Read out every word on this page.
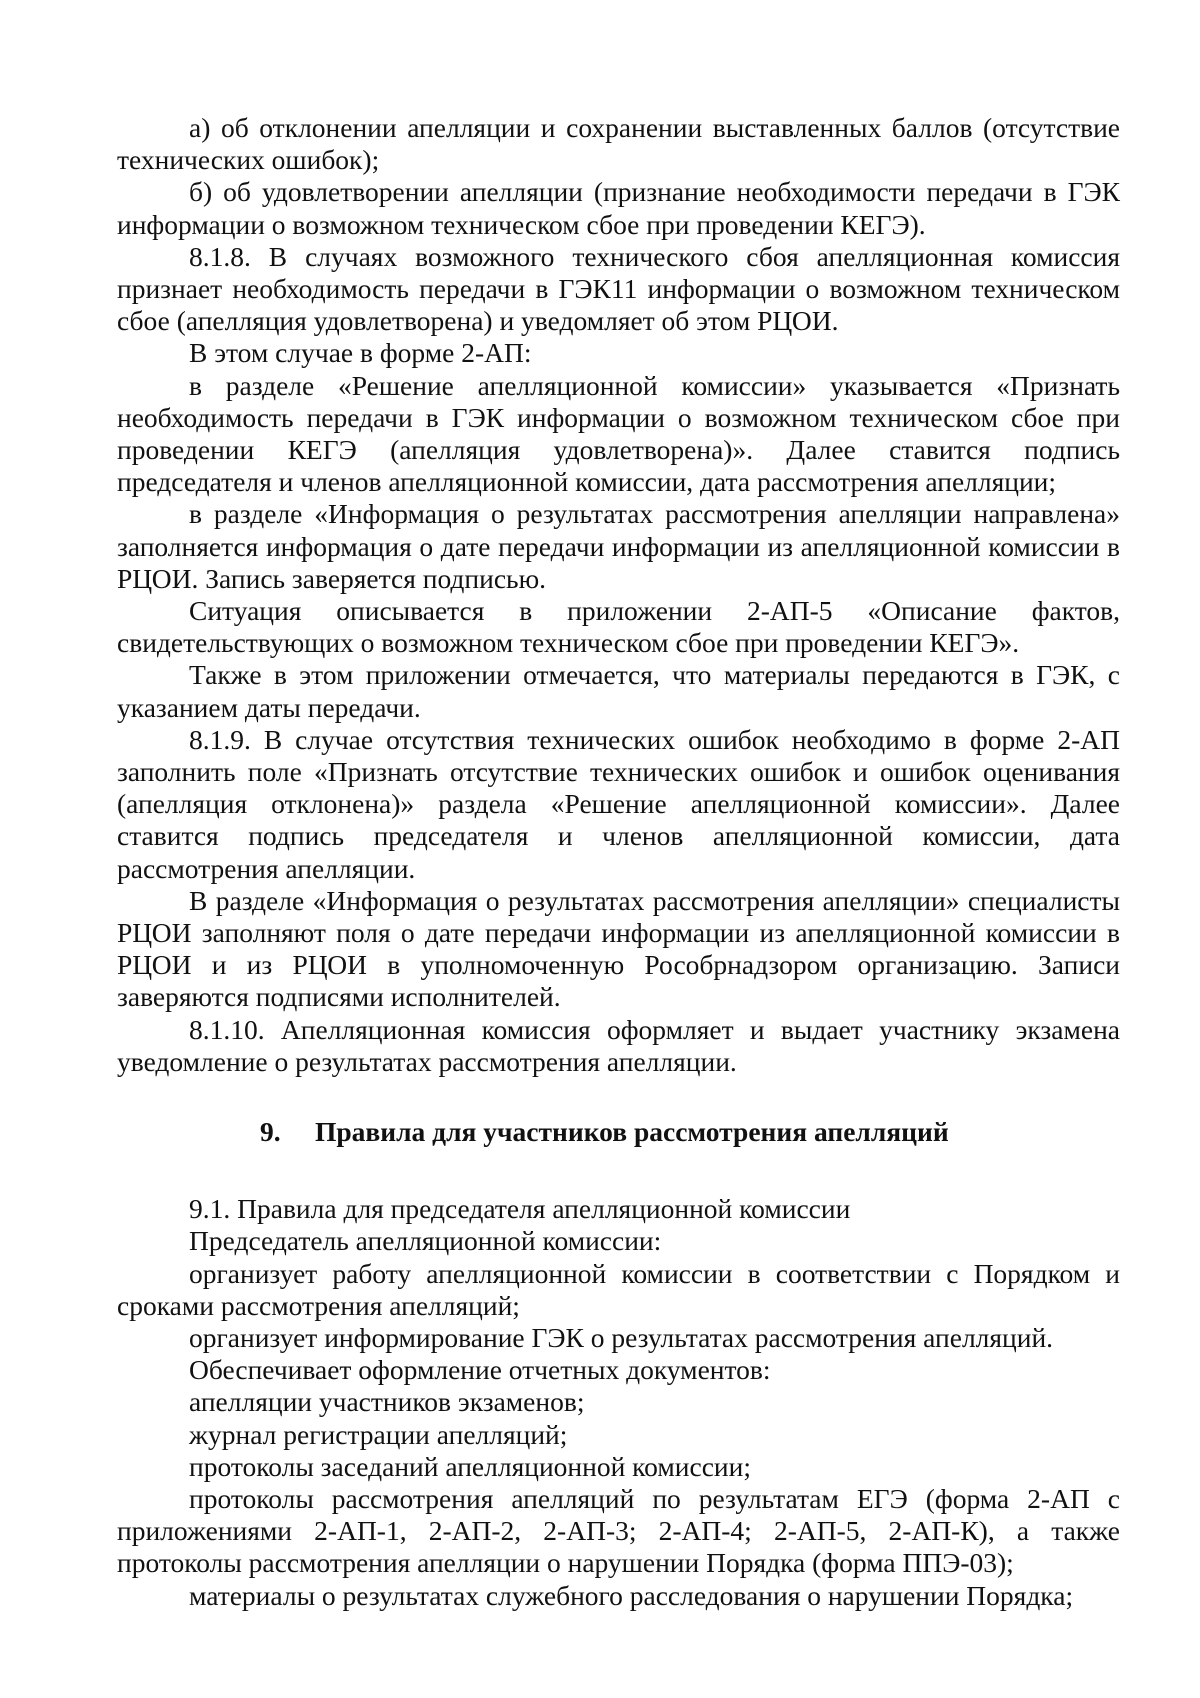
а) об отклонении апелляции и сохранении выставленных баллов (отсутствие технических ошибок);

б) об удовлетворении апелляции (признание необходимости передачи в ГЭК информации о возможном техническом сбое при проведении КЕГЭ).

8.1.8. В случаях возможного технического сбоя апелляционная комиссия признает необходимость передачи в ГЭК11 информации о возможном техническом сбое (апелляция удовлетворена) и уведомляет об этом РЦОИ.

В этом случае в форме 2-АП:

в разделе «Решение апелляционной комиссии» указывается «Признать необходимость передачи в ГЭК информации о возможном техническом сбое при проведении КЕГЭ (апелляция удовлетворена)». Далее ставится подпись председателя и членов апелляционной комиссии, дата рассмотрения апелляции;

в разделе «Информация о результатах рассмотрения апелляции направлена» заполняется информация о дате передачи информации из апелляционной комиссии в РЦОИ. Запись заверяется подписью.

Ситуация описывается в приложении 2-АП-5 «Описание фактов, свидетельствующих о возможном техническом сбое при проведении КЕГЭ».

Также в этом приложении отмечается, что материалы передаются в ГЭК, с указанием даты передачи.

8.1.9. В случае отсутствия технических ошибок необходимо в форме 2-АП заполнить поле «Признать отсутствие технических ошибок и ошибок оценивания (апелляция отклонена)» раздела «Решение апелляционной комиссии». Далее ставится подпись председателя и членов апелляционной комиссии, дата рассмотрения апелляции.

В разделе «Информация о результатах рассмотрения апелляции» специалисты РЦОИ заполняют поля о дате передачи информации из апелляционной комиссии в РЦОИ и из РЦОИ в уполномоченную Рособрнадзором организацию. Записи заверяются подписями исполнителей.

8.1.10. Апелляционная комиссия оформляет и выдает участнику экзамена уведомление о результатах рассмотрения апелляции.

9. Правила для участников рассмотрения апелляций

9.1. Правила для председателя апелляционной комиссии

Председатель апелляционной комиссии:

организует работу апелляционной комиссии в соответствии с Порядком и сроками рассмотрения апелляций;

организует информирование ГЭК о результатах рассмотрения апелляций.

Обеспечивает оформление отчетных документов:

апелляции участников экзаменов;

журнал регистрации апелляций;

протоколы заседаний апелляционной комиссии;

протоколы рассмотрения апелляций по результатам ЕГЭ (форма 2-АП с приложениями 2-АП-1, 2-АП-2, 2-АП-3; 2-АП-4; 2-АП-5, 2-АП-К), а также протоколы рассмотрения апелляции о нарушении Порядка (форма ППЭ-03);

материалы о результатах служебного расследования о нарушении Порядка;
